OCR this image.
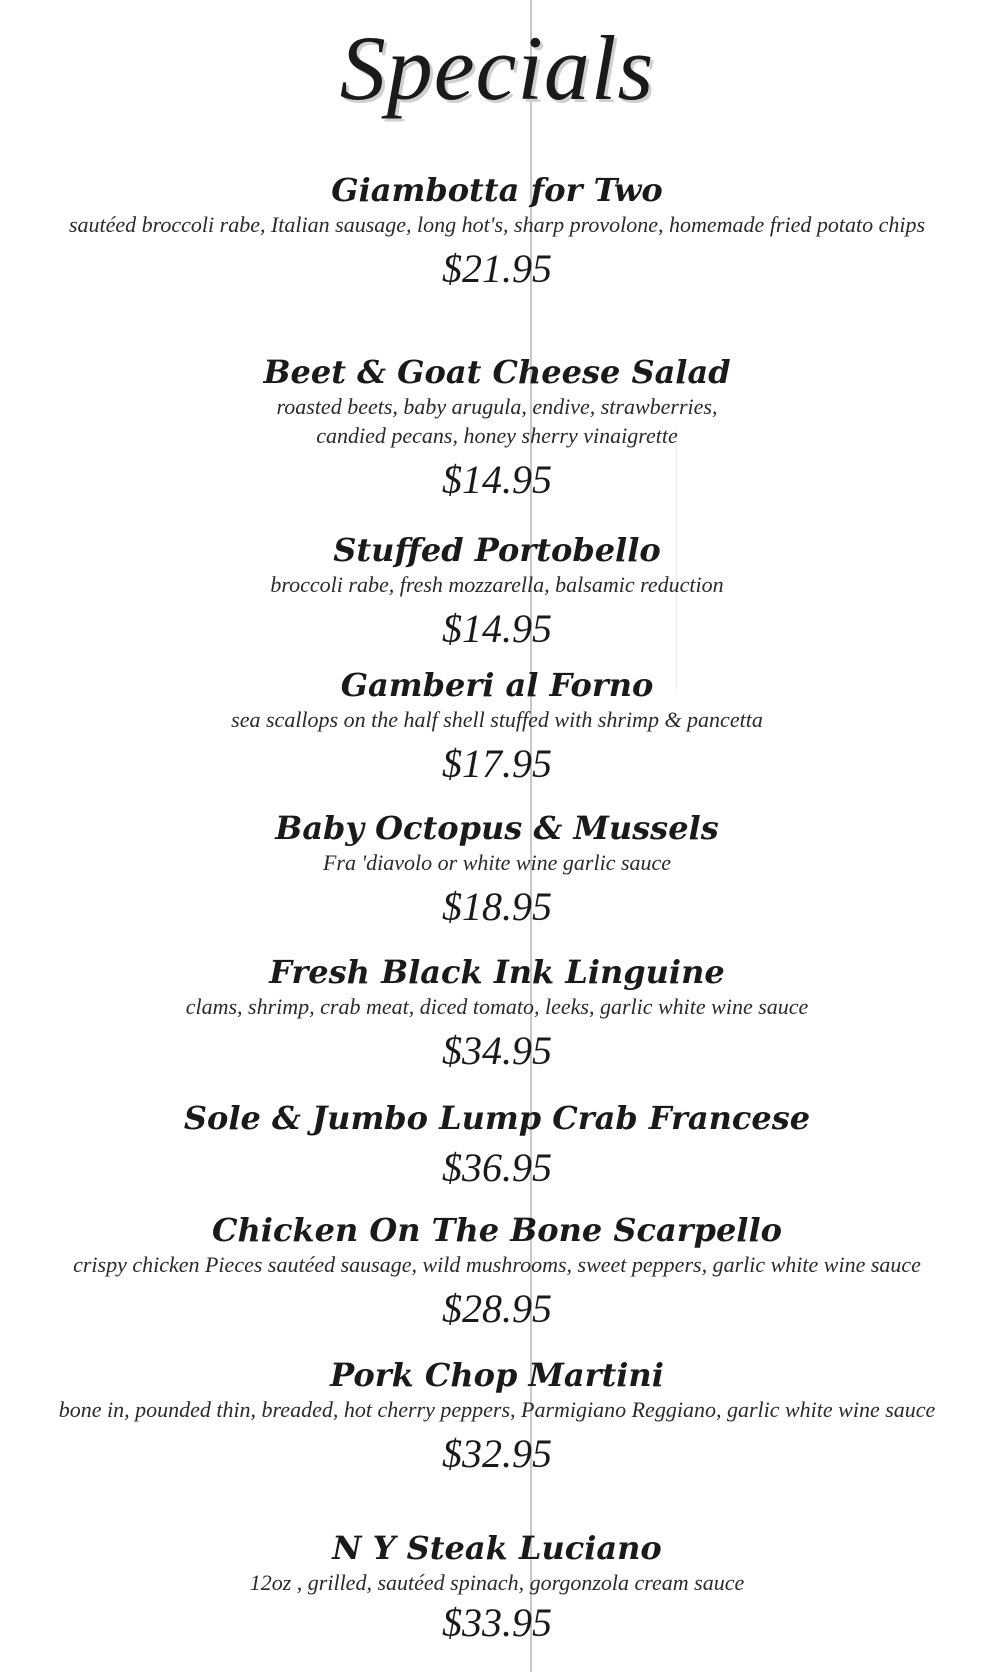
Specials
Giambotta for Two
sautéed broccoli rabe, Italian sausage, long hot's, sharp provolone, homemade fried potato chips
$21.95
Beet & Goat Cheese Salad
roasted beets, baby arugula, endive, strawberries, candied pecans, honey sherry vinaigrette
$14.95
Stuffed Portobello
broccoli rabe, fresh mozzarella, balsamic reduction
$14.95
Gamberi al Forno
sea scallops on the half shell stuffed with shrimp & pancetta
$17.95
Baby Octopus & Mussels
Fra 'diavolo or white wine garlic sauce
$18.95
Fresh Black Ink Linguine
clams, shrimp, crab meat, diced tomato, leeks, garlic white wine sauce
$34.95
Sole & Jumbo Lump Crab Francese
$36.95
Chicken On The Bone Scarpello
crispy chicken Pieces sautéed sausage, wild mushrooms, sweet peppers, garlic white wine sauce
$28.95
Pork Chop Martini
bone in, pounded thin, breaded, hot cherry peppers, Parmigiano Reggiano, garlic white wine sauce
$32.95
N Y Steak Luciano
12oz , grilled, sautéed spinach, gorgonzola cream sauce
$33.95
